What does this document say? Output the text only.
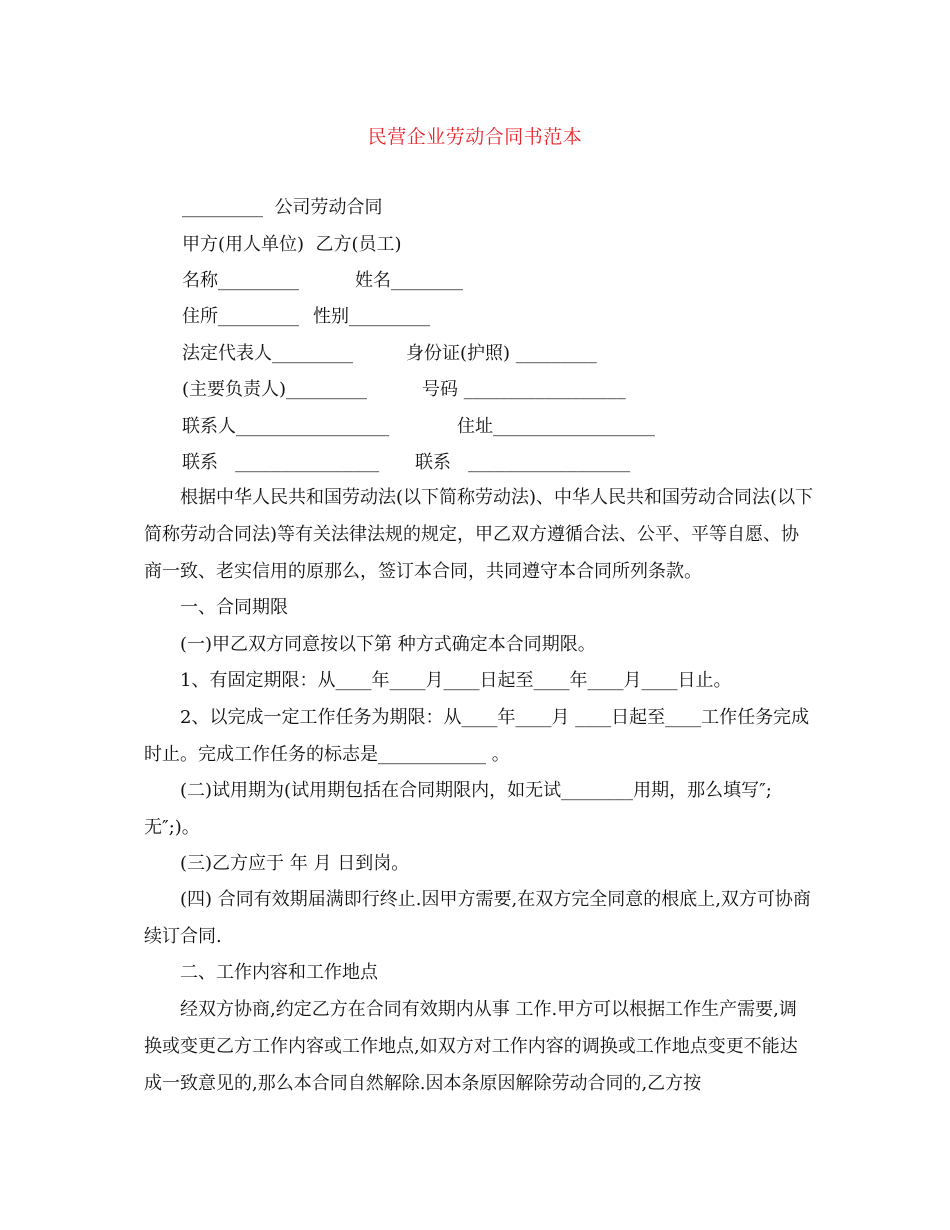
民营企业劳动合同书范本
_________  公司劳动合同
甲方(用人单位)  乙方(员工)
名称_________	姓名________
住所_________ 性别_________
法定代表人_________	身份证(护照) _________
(主要负责人)_________	号码 __________________
联系人_________________	住址__________________
联系   ________________ 联系   __________________
根据中华人民共和国劳动法(以下简称劳动法)、中华人民共和国劳动合同法(以下简称劳动合同法)等有关法律法规的规定，甲乙双方遵循合法、公平、平等自愿、协商一致、老实信用的原那么，签订本合同，共同遵守本合同所列条款。
一、合同期限
(一)甲乙双方同意按以下第 种方式确定本合同期限。
1、有固定期限：从____年____月____日起至____年____月____日止。
2、以完成一定工作任务为期限：从____年____月 ____日起至____工作任务完成时止。完成工作任务的标志是____________ 。
(二)试用期为(试用期包括在合同期限内，如无试________用期，那么填写″;无″;)。
(三)乙方应于 年 月 日到岗。
(四) 合同有效期届满即行终止.因甲方需要,在双方完全同意的根底上,双方可协商续订合同.
二、工作内容和工作地点
经双方协商,约定乙方在合同有效期内从事 工作.甲方可以根据工作生产需要,调换或变更乙方工作内容或工作地点,如双方对工作内容的调换或工作地点变更不能达成一致意见的,那么本合同自然解除.因本条原因解除劳动合同的,乙方按
